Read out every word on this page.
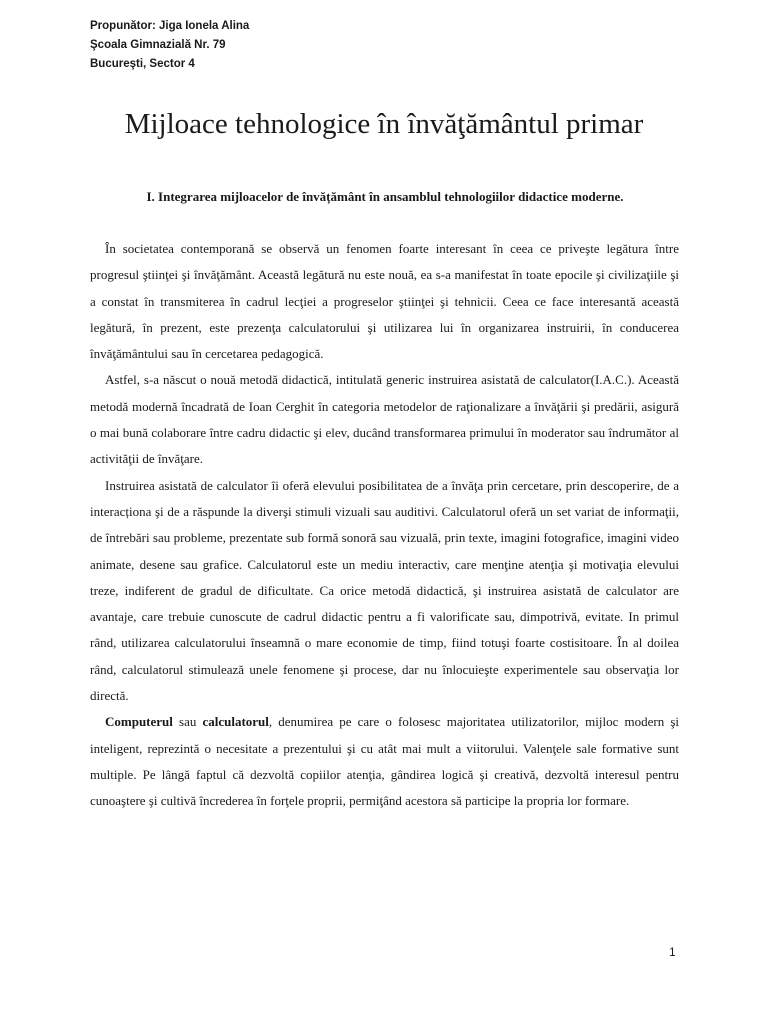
Propunător: Jiga Ionela Alina
Şcoala Gimnazială Nr. 79
Bucureşti, Sector 4
Mijloace tehnologice în învăţământul primar
I. Integrarea mijloacelor de învățământ în ansamblul tehnologiilor didactice moderne.

În societatea contemporană se observă un fenomen foarte interesant în ceea ce priveşte legătura între progresul ştiinţei şi învăţământ. Această legătură nu este nouă, ea s-a manifestat în toate epocile şi civilizaţiile şi a constat în transmiterea în cadrul lecţiei a progreselor ştiinţei şi tehnicii. Ceea ce face interesantă această legătură, în prezent, este prezenţa calculatorului şi utilizarea lui în organizarea instruirii, în conducerea învăţământului sau în cercetarea pedagogică.

Astfel, s-a născut o nouă metodă didactică, intitulată generic instruirea asistată de calculator(I.A.C.). Această metodă modernă încadrată de Ioan Cerghit în categoria metodelor de raţionalizare a învăţării şi predării, asigură o mai bună colaborare între cadru didactic şi elev, ducând transformarea primului în moderator sau îndrumător al activităţii de învăţare.

Instruirea asistată de calculator îi oferă elevului posibilitatea de a învăţa prin cercetare, prin descoperire, de a interacționa şi de a răspunde la diverşi stimuli vizuali sau auditivi. Calculatorul oferă un set variat de informaţii, de întrebări sau probleme, prezentate sub formă sonoră sau vizuală, prin texte, imagini fotografice, imagini video animate, desene sau grafice. Calculatorul este un mediu interactiv, care menţine atenţia şi motivaţia elevului treze, indiferent de gradul de dificultate. Ca orice metodă didactică, şi instruirea asistată de calculator are avantaje, care trebuie cunoscute de cadrul didactic pentru a fi valorificate sau, dimpotrivă, evitate. In primul rând, utilizarea calculatorului înseamnă o mare economie de timp, fiind totuşi foarte costisitoare. În al doilea rând, calculatorul stimulează unele fenomene şi procese, dar nu înlocuieşte experimentele sau observaţia lor directă.

Computerul sau calculatorul, denumirea pe care o folosesc majoritatea utilizatorilor, mijloc modern şi inteligent, reprezintă o necesitate a prezentului şi cu atât mai mult a viitorului. Valenţele sale formative sunt multiple. Pe lângă faptul că dezvoltă copiilor atenţia, gândirea logică şi creativă, dezvoltă interesul pentru cunoaştere şi cultivă încrederea în forţele proprii, permiţând acestora să participe la propria lor formare.

1
